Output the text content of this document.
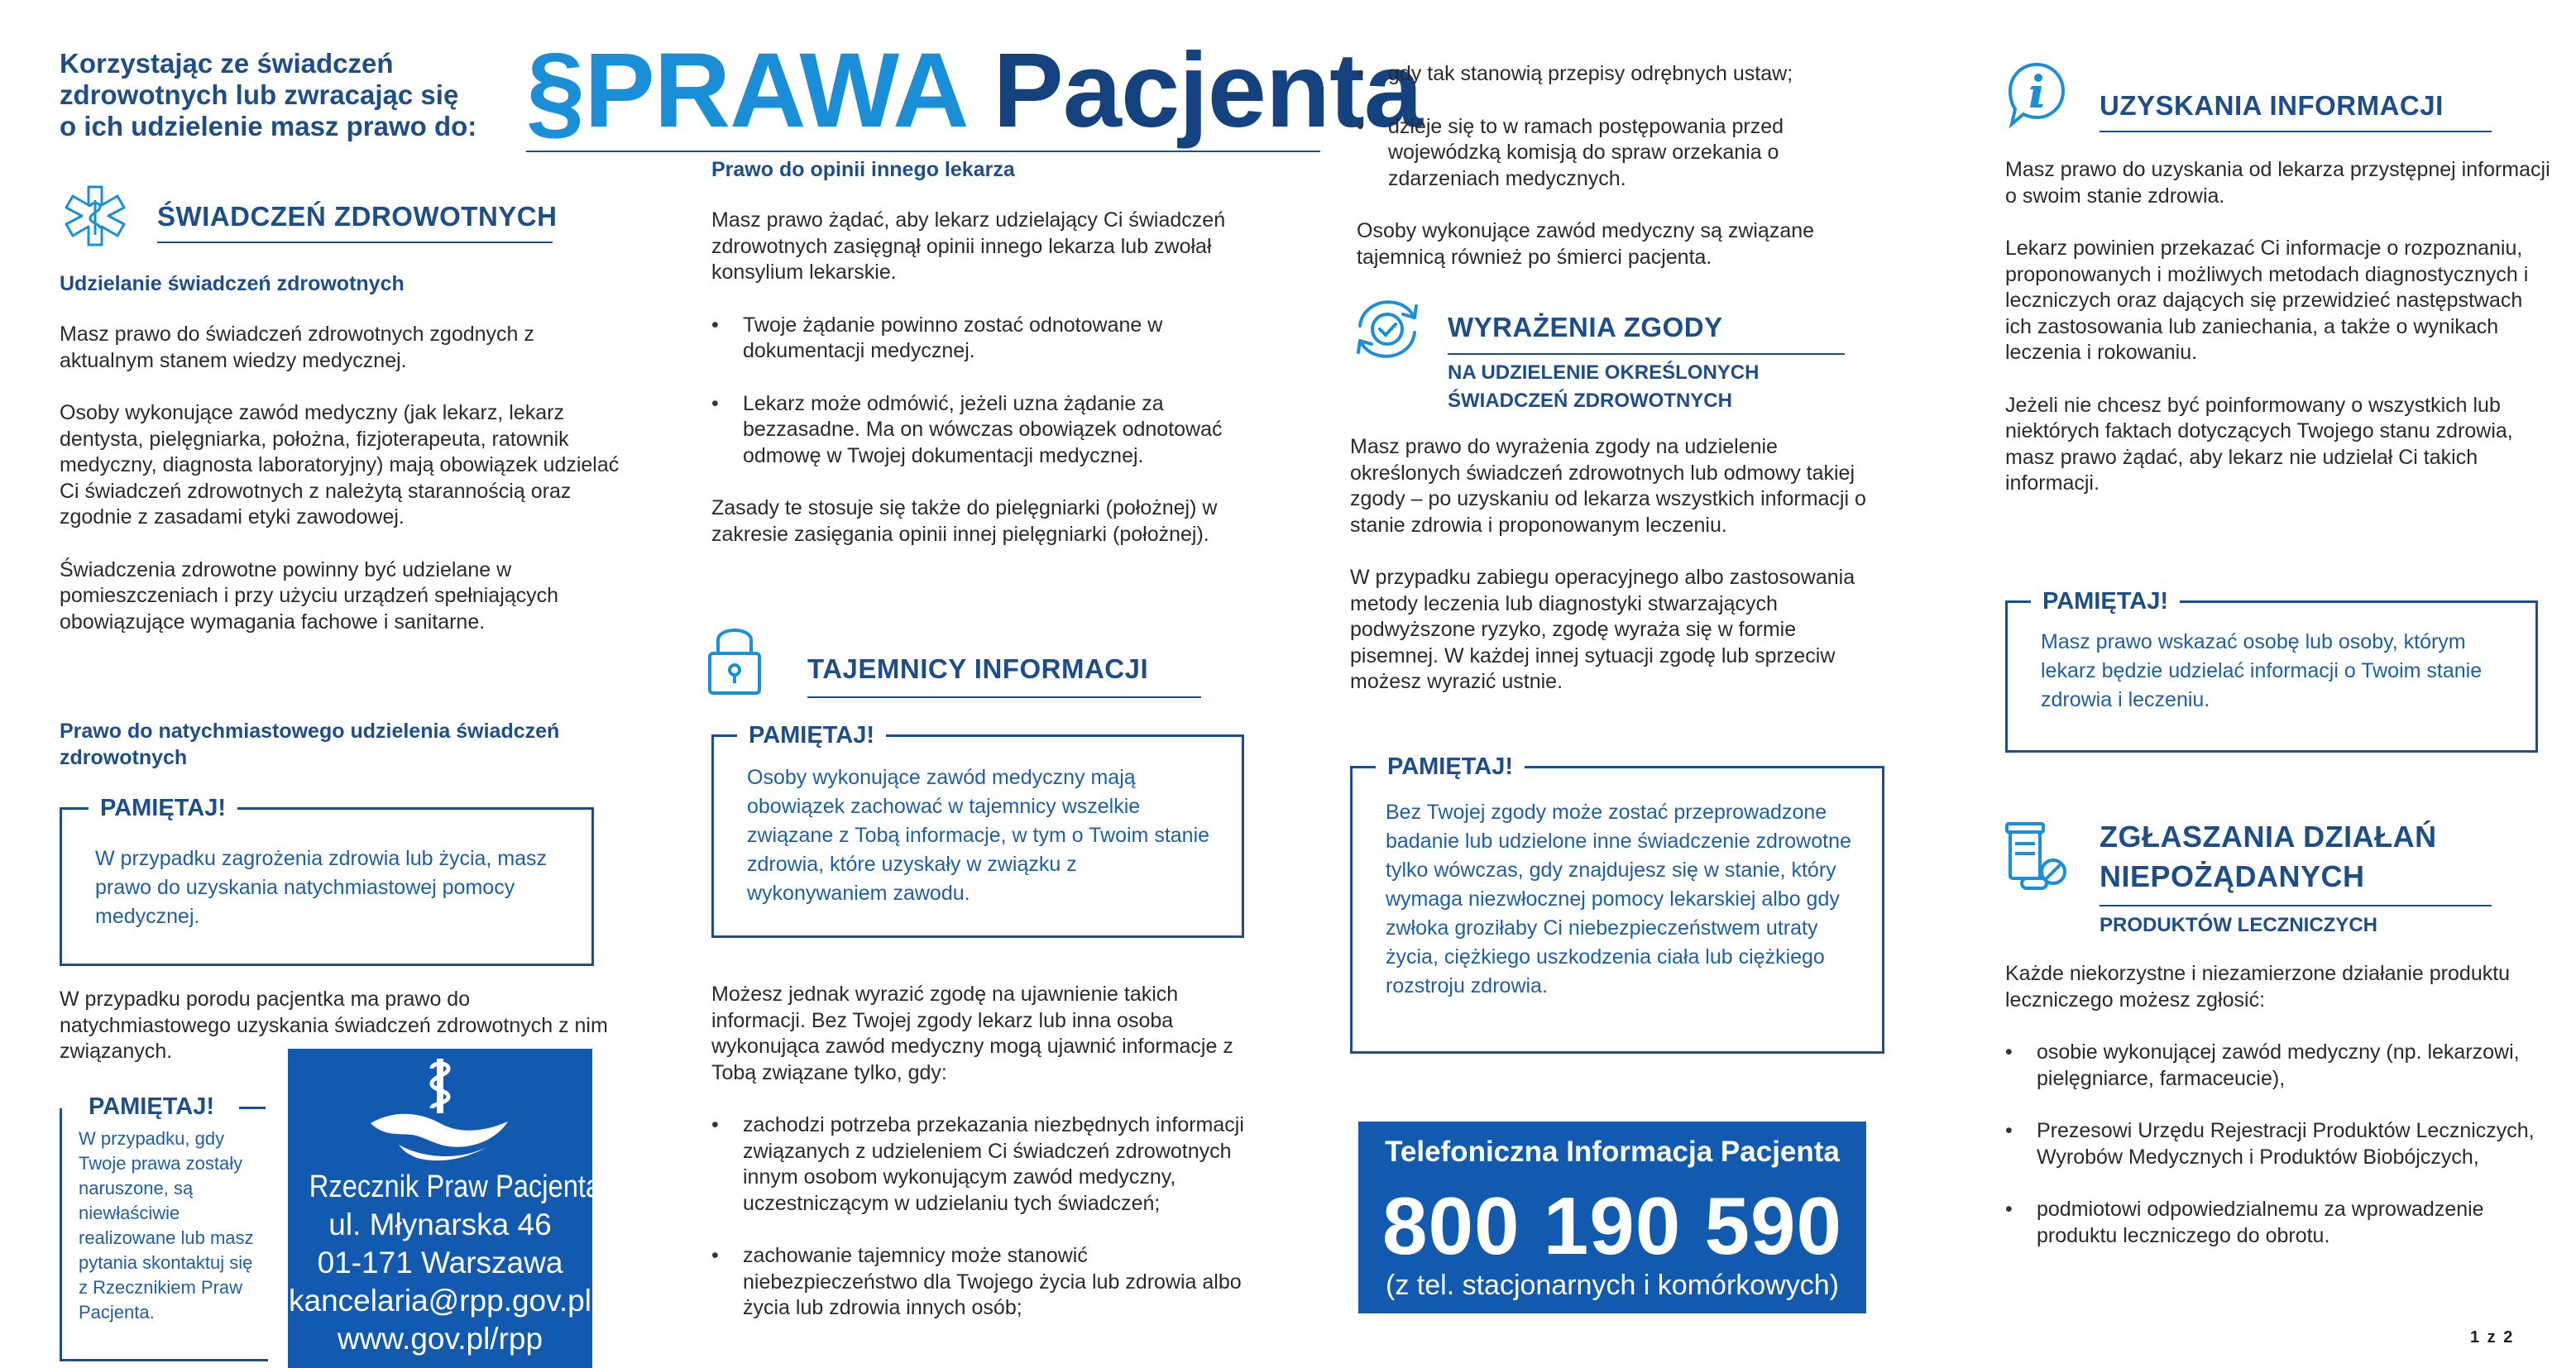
Korzystając ze świadczeń
zdrowotnych lub zwracając się
o ich udzielenie masz prawo do: §PRAWA Pacjenta
ŚWIADCZEŃ ZDROWOTNYCH
Udzielanie świadczeń zdrowotnych

Masz prawo do świadczeń zdrowotnych zgodnych z aktualnym stanem wiedzy medycznej.

Osoby wykonujące zawód medyczny (jak lekarz, lekarz dentysta, pielęgniarka, położna, fizjoterapeuta, ratownik medyczny, diagnosta laboratoryjny) mają obowiązek udzielać Ci świadczeń zdrowotnych z należytą starannością oraz zgodnie z zasadami etyki zawodowej.

Świadczenia zdrowotne powinny być udzielane w pomieszczeniach i przy użyciu urządzeń spełniających obowiązujące wymagania fachowe i sanitarne.

Prawo do natychmiastowego udzielenia świadczeń zdrowotnych
PAMIĘTAJ!
W przypadku zagrożenia zdrowia lub życia, masz prawo do uzyskania natychmiastowej pomocy medycznej.

W przypadku porodu pacjentka ma prawo do natychmiastowego uzyskania świadczeń zdrowotnych z nim związanych.

PAMIĘTAJ!
W przypadku, gdy Twoje prawa zostały naruszone, są niewłaściwie realizowane lub masz pytania skontaktuj się z Rzecznikiem Praw Pacjenta.
Rzecznik Praw Pacjenta
ul. Młynarska 46
01-171 Warszawa
kancelaria@rpp.gov.pl
www.gov.pl/rpp
Prawo do opinii innego lekarza

Masz prawo żądać, aby lekarz udzielający Ci świadczeń zdrowotnych zasięgnął opinii innego lekarza lub zwołał konsylium lekarskie.

• Twoje żądanie powinno zostać odnotowane w dokumentacji medycznej.
• Lekarz może odmówić, jeżeli uzna żądanie za bezzasadne. Ma on wówczas obowiązek odnotować odmowę w Twojej dokumentacji medycznej.

Zasady te stosuje się także do pielęgniarki (położnej) w zakresie zasięgania opinii innej pielęgniarki (położnej).

TAJEMNICY INFORMACJI
PAMIĘTAJ!
Osoby wykonujące zawód medyczny mają obowiązek zachować w tajemnicy wszelkie związane z Tobą informacje, w tym o Twoim stanie zdrowia, które uzyskały w związku z wykonywaniem zawodu.

Możesz jednak wyrazić zgodę na ujawnienie takich informacji. Bez Twojej zgody lekarz lub inna osoba wykonująca zawód medyczny mogą ujawnić informacje z Tobą związane tylko, gdy:

• zachodzi potrzeba przekazania niezbędnych informacji związanych z udzieleniem Ci świadczeń zdrowotnych innym osobom wykonującym zawód medyczny, uczestniczącym w udzielaniu tych świadczeń;
• zachowanie tajemnicy może stanowić niebezpieczeństwo dla Twojego życia lub zdrowia albo życia lub zdrowia innych osób;
• gdy tak stanowią przepisy odrębnych ustaw;
• dzieje się to w ramach postępowania przed wojewódzką komisją do spraw orzekania o zdarzeniach medycznych.

Osoby wykonujące zawód medyczny są związane tajemnicą również po śmierci pacjenta.

WYRAŻENIA ZGODY
NA UDZIELENIE OKREŚLONYCH
ŚWIADCZEŃ ZDROWOTNYCH

Masz prawo do wyrażenia zgody na udzielenie określonych świadczeń zdrowotnych lub odmowy takiej zgody – po uzyskaniu od lekarza wszystkich informacji o stanie zdrowia i proponowanym leczeniu.

W przypadku zabiegu operacyjnego albo zastosowania metody leczenia lub diagnostyki stwarzających podwyższone ryzyko, zgodę wyraża się w formie pisemnej. W każdej innej sytuacji zgodę lub sprzeciw możesz wyrazić ustnie.

PAMIĘTAJ!
Bez Twojej zgody może zostać przeprowadzone badanie lub udzielone inne świadczenie zdrowotne tylko wówczas, gdy znajdujesz się w stanie, który wymaga niezwłocznej pomocy lekarskiej albo gdy zwłoka groziłaby Ci niebezpieczeństwem utraty życia, ciężkiego uszkodzenia ciała lub ciężkiego rozstroju zdrowia.
Telefoniczna Informacja Pacjenta
800 190 590
(z tel. stacjonarnych i komórkowych)
UZYSKANIA INFORMACJI

Masz prawo do uzyskania od lekarza przystępnej informacji o swoim stanie zdrowia.

Lekarz powinien przekazać Ci informacje o rozpoznaniu, proponowanych i możliwych metodach diagnostycznych i leczniczych oraz dających się przewidzieć następstwach ich zastosowania lub zaniechania, a także o wynikach leczenia i rokowaniu.

Jeżeli nie chcesz być poinformowany o wszystkich lub niektórych faktach dotyczących Twojego stanu zdrowia, masz prawo żądać, aby lekarz nie udzielał Ci takich informacji.

PAMIĘTAJ!
Masz prawo wskazać osobę lub osoby, którym lekarz będzie udzielać informacji o Twoim stanie zdrowia i leczeniu.
ZGŁASZANIA DZIAŁAŃ
NIEPOŻĄDANYCH
PRODUKTÓW LECZNICZYCH

Każde niekorzystne i niezamierzone działanie produktu leczniczego możesz zgłosić:

• osobie wykonującej zawód medyczny (np. lekarzowi, pielęgniarce, farmaceucie),
• Prezesowi Urzędu Rejestracji Produktów Leczniczych, Wyrobów Medycznych i Produktów Biobójczych,
• podmiotowi odpowiedzialnemu za wprowadzenie produktu leczniczego do obrotu.
1 z 2
